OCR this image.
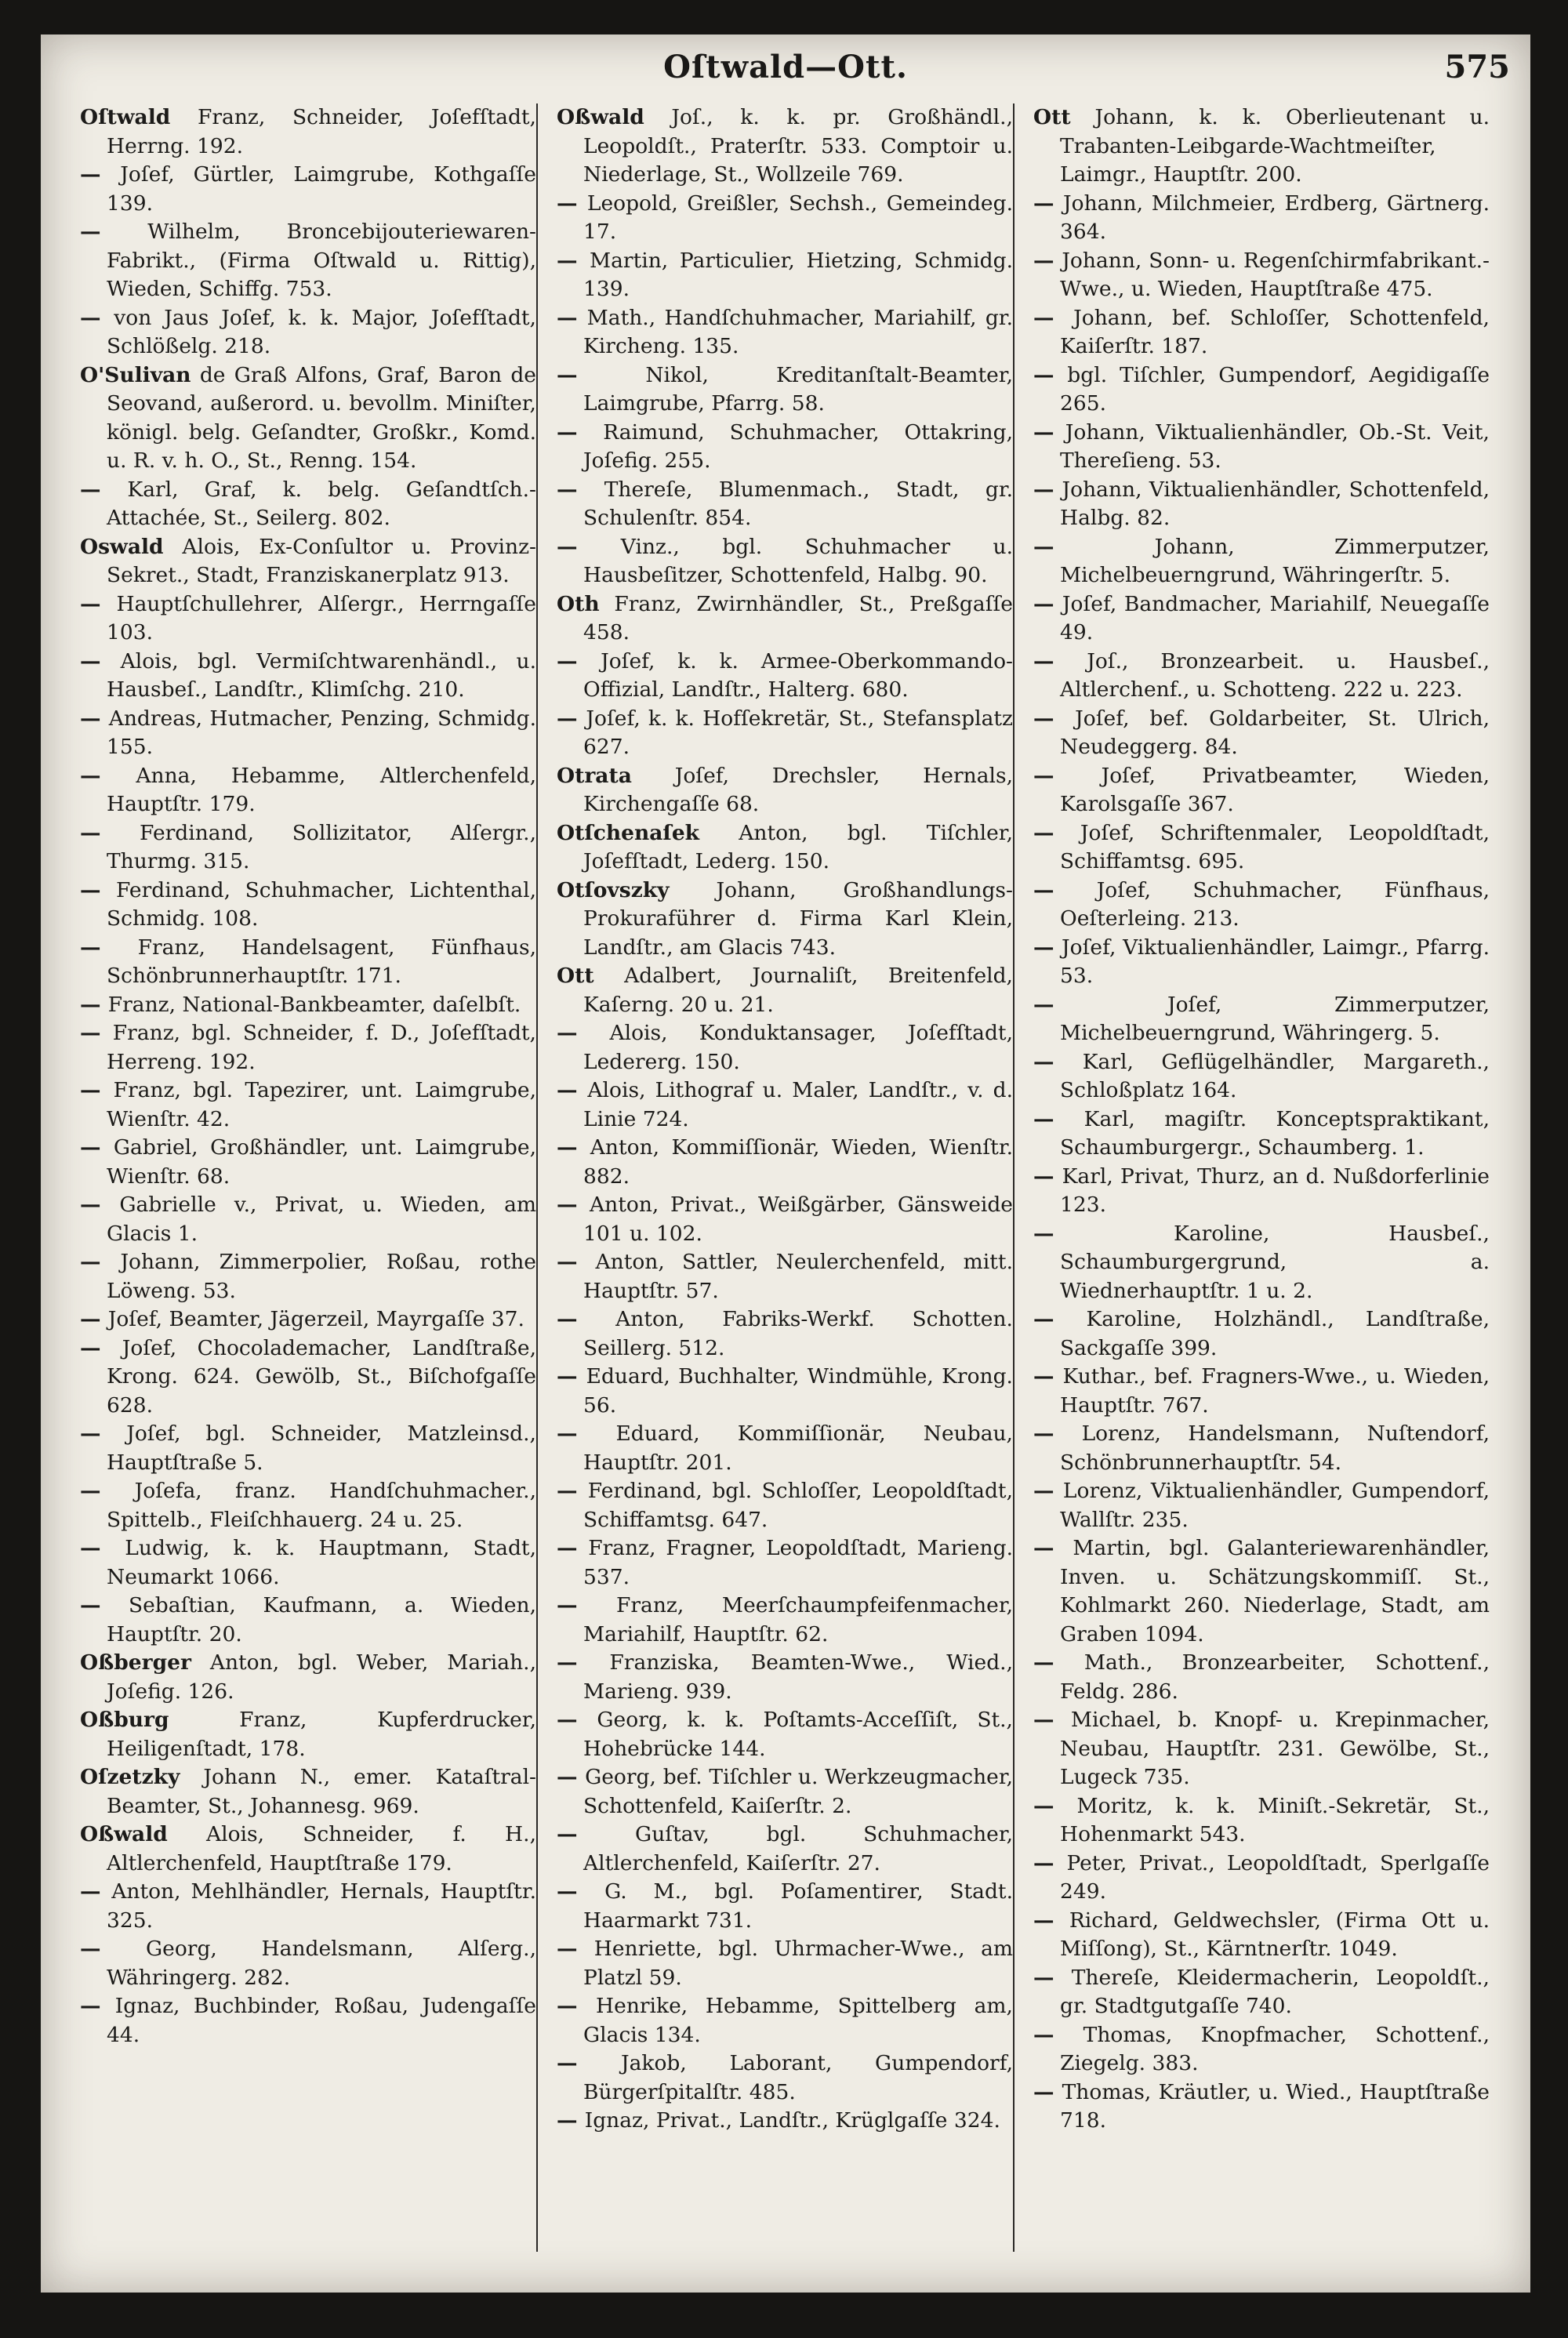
Oſtwald—Ott.	575
Oſtwald Franz, Schneider, Joſefſtadt, Herrng. 192.
— Joſef, Gürtler, Laimgrube, Kothgaſſe 139.
— Wilhelm, Broncebijouteriewaren-Fabrikt., (Firma Oſtwald u. Rittig), Wieden, Schiffg. 753.
— von Jaus Joſef, k. k. Major, Joſefſtadt, Schlößelg. 218.
O'Sulivan de Graß Alfons, Graf, Baron de Seovand, außerord. u. bevollm. Miniſter, königl. belg. Geſandter, Großkr., Komd. u. R. v. h. O., St., Renng. 154.
— Karl, Graf, k. belg. Geſandtſch.-Attachée, St., Seilerg. 802.
Oswald Alois, Ex-Conſultor u. Provinz-Sekret., Stadt, Franziskanerplatz 913.
— Hauptſchullehrer, Alſergr., Herrngaſſe 103.
— Alois, bgl. Vermiſchtwarenhändl., u. Hausbeſ., Landſtr., Klimſchg. 210.
— Andreas, Hutmacher, Penzing, Schmidg. 155.
— Anna, Hebamme, Altlerchenfeld, Hauptſtr. 179.
— Ferdinand, Sollizitator, Alſergr., Thurmg. 315.
— Ferdinand, Schuhmacher, Lichtenthal, Schmidg. 108.
— Franz, Handelsagent, Fünfhaus, Schönbrunnerhauptſtr. 171.
— Franz, National-Bankbeamter, daſelbſt.
— Franz, bgl. Schneider, f. D., Joſefſtadt, Herreng. 192.
— Franz, bgl. Tapezirer, unt. Laimgrube, Wienſtr. 42.
— Gabriel, Großhändler, unt. Laimgrube, Wienſtr. 68.
— Gabrielle v., Privat, u. Wieden, am Glacis 1.
— Johann, Zimmerpolier, Roßau, rothe Löweng. 53.
— Joſef, Beamter, Jägerzeil, Mayrgaſſe 37.
— Joſef, Chocolademacher, Landſtraße, Krong. 624. Gewölb, St., Biſchofgaſſe 628.
— Joſef, bgl. Schneider, Matzleinsd., Hauptſtraße 5.
— Joſefa, franz. Handſchuhmacher., Spittelb., Fleiſchhauerg. 24 u. 25.
— Ludwig, k. k. Hauptmann, Stadt, Neumarkt 1066.
— Sebaſtian, Kaufmann, a. Wieden, Hauptſtr. 20.
Oßberger Anton, bgl. Weber, Mariah., Joſefig. 126.
Oßburg Franz, Kupferdrucker, Heiligenſtadt, 178.
Oſzetzky Johann N., emer. Kataſtral-Beamter, St., Johannesg. 969.
Oßwald Alois, Schneider, f. H., Altlerchenfeld, Hauptſtraße 179.
— Anton, Mehlhändler, Hernals, Hauptſtr. 325.
— Georg, Handelsmann, Alſerg., Währingerg. 282.
— Ignaz, Buchbinder, Roßau, Judengaſſe 44.
Oßwald Joſ., k. k. pr. Großhändl., Leopoldſt., Praterſtr. 533. Comptoir u. Niederlage, St., Wollzeile 769.
— Leopold, Greißler, Sechsh., Gemeindeg. 17.
— Martin, Particulier, Hietzing, Schmidg. 139.
— Math., Handſchuhmacher, Mariahilf, gr. Kircheng. 135.
— Nikol, Kreditanſtalt-Beamter, Laimgrube, Pfarrg. 58.
— Raimund, Schuhmacher, Ottakring, Joſefig. 255.
— Thereſe, Blumenmach., Stadt, gr. Schulenſtr. 854.
— Vinz., bgl. Schuhmacher u. Hausbeſitzer, Schottenfeld, Halbg. 90.
Oth Franz, Zwirnhändler, St., Preßgaſſe 458.
— Joſef, k. k. Armee-Oberkommando-Offizial, Landſtr., Halterg. 680.
— Joſef, k. k. Hofſekretär, St., Stefansplatz 627.
Otrata Joſef, Drechsler, Hernals, Kirchengaſſe 68.
Otſchenaſek Anton, bgl. Tiſchler, Joſefſtadt, Lederg. 150.
Otſovszky Johann, Großhandlungs-Prokuraführer d. Firma Karl Klein, Landſtr., am Glacis 743.
Ott Adalbert, Journaliſt, Breitenfeld, Kaſerng. 20 u. 21.
— Alois, Konduktansager, Joſefſtadt, Ledererg. 150.
— Alois, Lithograf u. Maler, Landſtr., v. d. Linie 724.
— Anton, Kommiſſionär, Wieden, Wienſtr. 882.
— Anton, Privat., Weißgärber, Gänsweide 101 u. 102.
— Anton, Sattler, Neulerchenfeld, mitt. Hauptſtr. 57.
— Anton, Fabriks-Werkf. Schotten. Seillerg. 512.
— Eduard, Buchhalter, Windmühle, Krong. 56.
— Eduard, Kommiſſionär, Neubau, Hauptſtr. 201.
— Ferdinand, bgl. Schloſſer, Leopoldſtadt, Schiffamtsg. 647.
— Franz, Fragner, Leopoldſtadt, Marieng. 537.
— Franz, Meerſchaumpfeifenmacher, Mariahilf, Hauptſtr. 62.
— Franziska, Beamten-Wwe., Wied., Marieng. 939.
— Georg, k. k. Poſtamts-Acceſſiſt, St., Hohebrücke 144.
— Georg, bef. Tiſchler u. Werkzeugmacher, Schottenfeld, Kaiſerſtr. 2.
— Guſtav, bgl. Schuhmacher, Altlerchenfeld, Kaiſerſtr. 27.
— G. M., bgl. Poſamentirer, Stadt. Haarmarkt 731.
— Henriette, bgl. Uhrmacher-Wwe., am Platzl 59.
— Henrike, Hebamme, Spittelberg am, Glacis 134.
— Jakob, Laborant, Gumpendorf, Bürgerſpitalſtr. 485.
— Ignaz, Privat., Landſtr., Krüglgaſſe 324.
Ott Johann, k. k. Oberlieutenant u. Trabanten-Leibgarde-Wachtmeiſter, Laimgr., Hauptſtr. 200.
— Johann, Milchmeier, Erdberg, Gärtnerg. 364.
— Johann, Sonn- u. Regenſchirmfabrikant.-Wwe., u. Wieden, Hauptſtraße 475.
— Johann, bef. Schloſſer, Schottenfeld, Kaiſerſtr. 187.
— bgl. Tiſchler, Gumpendorf, Aegidigaſſe 265.
— Johann, Viktualienhändler, Ob.-St. Veit, Thereſieng. 53.
— Johann, Viktualienhändler, Schottenfeld, Halbg. 82.
— Johann, Zimmerputzer, Michelbeuerngrund, Währingerſtr. 5.
— Joſef, Bandmacher, Mariahilf, Neuegaſſe 49.
— Joſ., Bronzearbeit. u. Hausbeſ., Altlerchenf., u. Schotteng. 222 u. 223.
— Joſef, bef. Goldarbeiter, St. Ulrich, Neudeggerg. 84.
— Joſef, Privatbeamter, Wieden, Karolsgaſſe 367.
— Joſef, Schriftenmaler, Leopoldſtadt, Schiffamtsg. 695.
— Joſef, Schuhmacher, Fünfhaus, Oeſterleing. 213.
— Joſef, Viktualienhändler, Laimgr., Pfarrg. 53.
— Joſef, Zimmerputzer, Michelbeuerngrund, Währingerg. 5.
— Karl, Geflügelhändler, Margareth., Schloßplatz 164.
— Karl, magiſtr. Konceptspraktikant, Schaumburgergr., Schaumberg. 1.
— Karl, Privat, Thurz, an d. Nußdorferlinie 123.
— Karoline, Hausbeſ., Schaumburgergrund, a. Wiednerhauptſtr. 1 u. 2.
— Karoline, Holzhändl., Landſtraße, Sackgaſſe 399.
— Kuthar., bef. Fragners-Wwe., u. Wieden, Hauptſtr. 767.
— Lorenz, Handelsmann, Nuſtendorf, Schönbrunnerhauptſtr. 54.
— Lorenz, Viktualienhändler, Gumpendorf, Wallſtr. 235.
— Martin, bgl. Galanteriewarenhändler, Inven. u. Schätzungskommiſſ. St., Kohlmarkt 260. Niederlage, Stadt, am Graben 1094.
— Math., Bronzearbeiter, Schottenf., Feldg. 286.
— Michael, b. Knopf- u. Krepinmacher, Neubau, Hauptſtr. 231. Gewölbe, St., Lugeck 735.
— Moritz, k. k. Miniſt.-Sekretär, St., Hohenmarkt 543.
— Peter, Privat., Leopoldſtadt, Sperlgaſſe 249.
— Richard, Geldwechsler, (Firma Ott u. Miſſong), St., Kärntnerſtr. 1049.
— Thereſe, Kleidermacherin, Leopoldſt., gr. Stadtgutgaſſe 740.
— Thomas, Knopfmacher, Schottenf., Ziegelg. 383.
— Thomas, Kräutler, u. Wied., Hauptſtraße 718.
